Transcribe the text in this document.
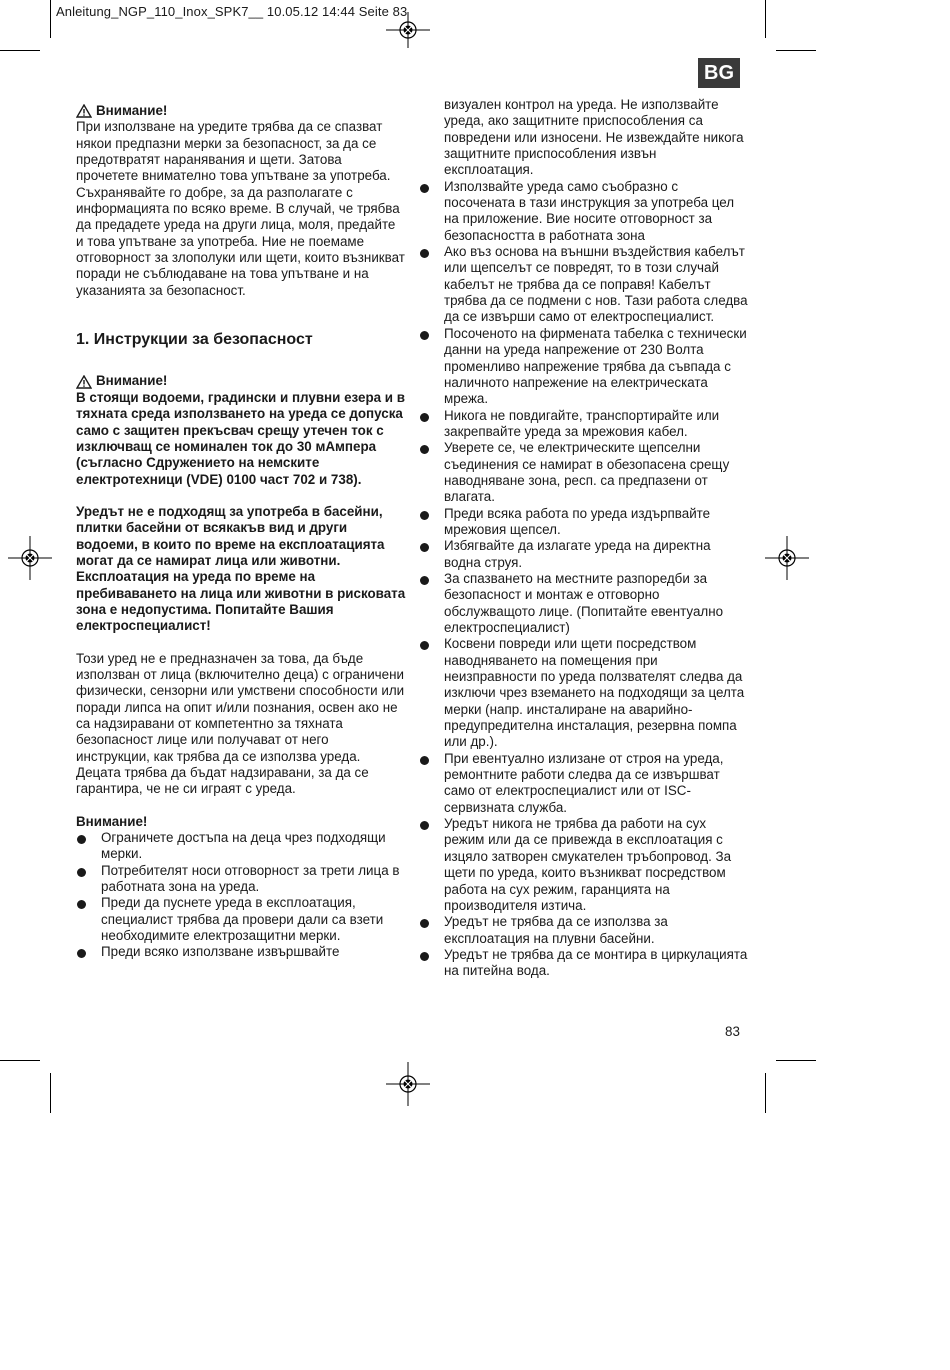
Anleitung_NGP_110_Inox_SPK7__ 10.05.12 14:44 Seite 83
BG
Внимание!

При използване на уредите трябва да се спазват някои предпазни мерки за безопасност, за да се предотвратят наранявания и щети. Затова прочетете внимателно това упътване за употреба. Съхранявайте го добре, за да разполагате с информацията по всяко време. В случай, че трябва да предадете уреда на други лица, моля, предайте и това упътване за употреба. Ние не поемаме отговорност за злополуки или щети, които възникват поради не съблюдаване на това упътване и на указанията за безопасност.

1. Инструкции за безопасност

Внимание!

В стоящи водоеми, градински и плувни езера и в тяхната среда използването на уреда се допуска само с защитен прекъсвач срещу утечен ток с изключващ се номинален ток до 30 мАмпера (съгласно Сдружението на немските електротехници (VDE) 0100 част 702 и 738).

Уредът не е подходящ за употреба в басейни, плитки басейни от всякакъв вид и други водоеми, в които по време на експлоатацията могат да се намират лица или животни. Експлоатация на уреда по време на пребиваването на лица или животни в рисковата зона е недопустима. Попитайте Вашия електроспециалист!

Този уред не е предназначен за това, да бъде използван от лица (включително деца) с ограничени физически, сензорни или умствени способности или поради липса на опит и/или познания, освен ако не са надзиравани от компетентно за тяхната безопасност лице или получават от него инструкции, как трябва да се използва уреда. Децата трябва да бъдат надзиравани, за да се гарантира, че не си играят с уреда.

Внимание!

Ограничете достъпа на деца чрез подходящи мерки.
Потребителят носи отговорност за трети лица в работната зона на уреда.
Преди да пуснете уреда в експлоатация, специалист трябва да провери дали са взети необходимите електрозащитни мерки.
Преди всяко използване извършвайте

визуален контрол на уреда. Не използвайте уреда, ако защитните приспособления са повредени или износени. Не извеждайте никога защитните приспособления извън експлоатация.

Използвайте уреда само съобразно с посочената в тази инструкция за употреба цел на приложение. Вие носите отговорност за безопасността в работната зона
Ако въз основа на външни въздействия кабелът или щепселът се повредят, то в този случай кабелът не трябва да се поправя! Кабелът трябва да се подмени с нов. Тази работа следва да се извърши само от електроспециалист.
Посоченото на фирмената табелка с технически данни на уреда напрежение от 230 Волта променливо напрежение трябва да съвпада с наличното напрежение на електрическата мрежа.
Никога не повдигайте, транспортирайте или закрепвайте уреда за мрежовия кабел.
Уверете се, че електрическите щепселни съединения се намират в обезопасена срещу наводняване зона, респ. са предпазени от влагата.
Преди всяка работа по уреда издърпвайте мрежовия щепсел.
Избягвайте да излагате уреда на директна водна струя.
За спазването на местните разпоредби за безопасност и монтаж е отговорно обслужващото лице. (Попитайте евентуално електроспециалист)
Косвени повреди или щети посредством наводняването на помещения при неизправности по уреда ползвателят следва да изключи чрез вземането на подходящи за целта мерки (напр. инсталиране на аварийно-предупредителна инсталация, резервна помпа или др.).
При евентуално излизане от строя на уреда, ремонтните работи следва да се извършват само от електроспециалист или от ISC-сервизната служба.
Уредът никога не трябва да работи на сух режим или да се привежда в експлоатация с изцяло затворен смукателен тръбопровод. За щети по уреда, които възникват посредством работа на сух режим, гаранцията на производителя изтича.
Уредът не трябва да се използва за експлоатация на плувни басейни.
Уредът не трябва да се монтира в циркулацията на питейна вода.
83
